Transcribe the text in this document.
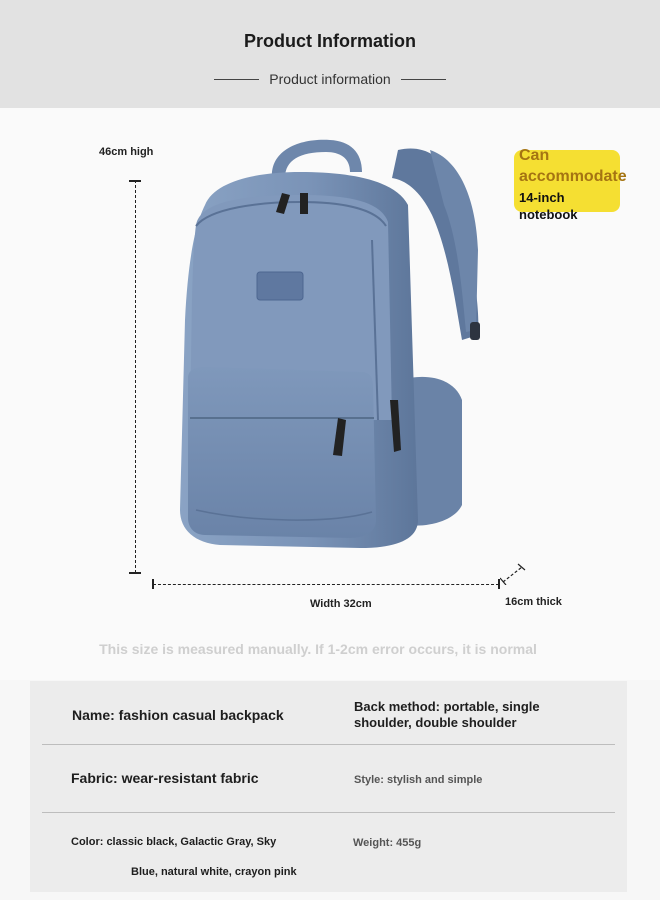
Product Information
Product information
46cm high
Width 32cm	16cm thick
Can
accommodate
14-inch
notebook
This size is measured manually. If 1-2cm error occurs, it is normal
Name: fashion casual backpack
Back method: portable, single
shoulder, double shoulder
Fabric: wear-resistant fabric	Style: stylish and simple
Color: classic black, Galactic Gray, Sky
Blue, natural white, crayon pink
Weight: 455g
